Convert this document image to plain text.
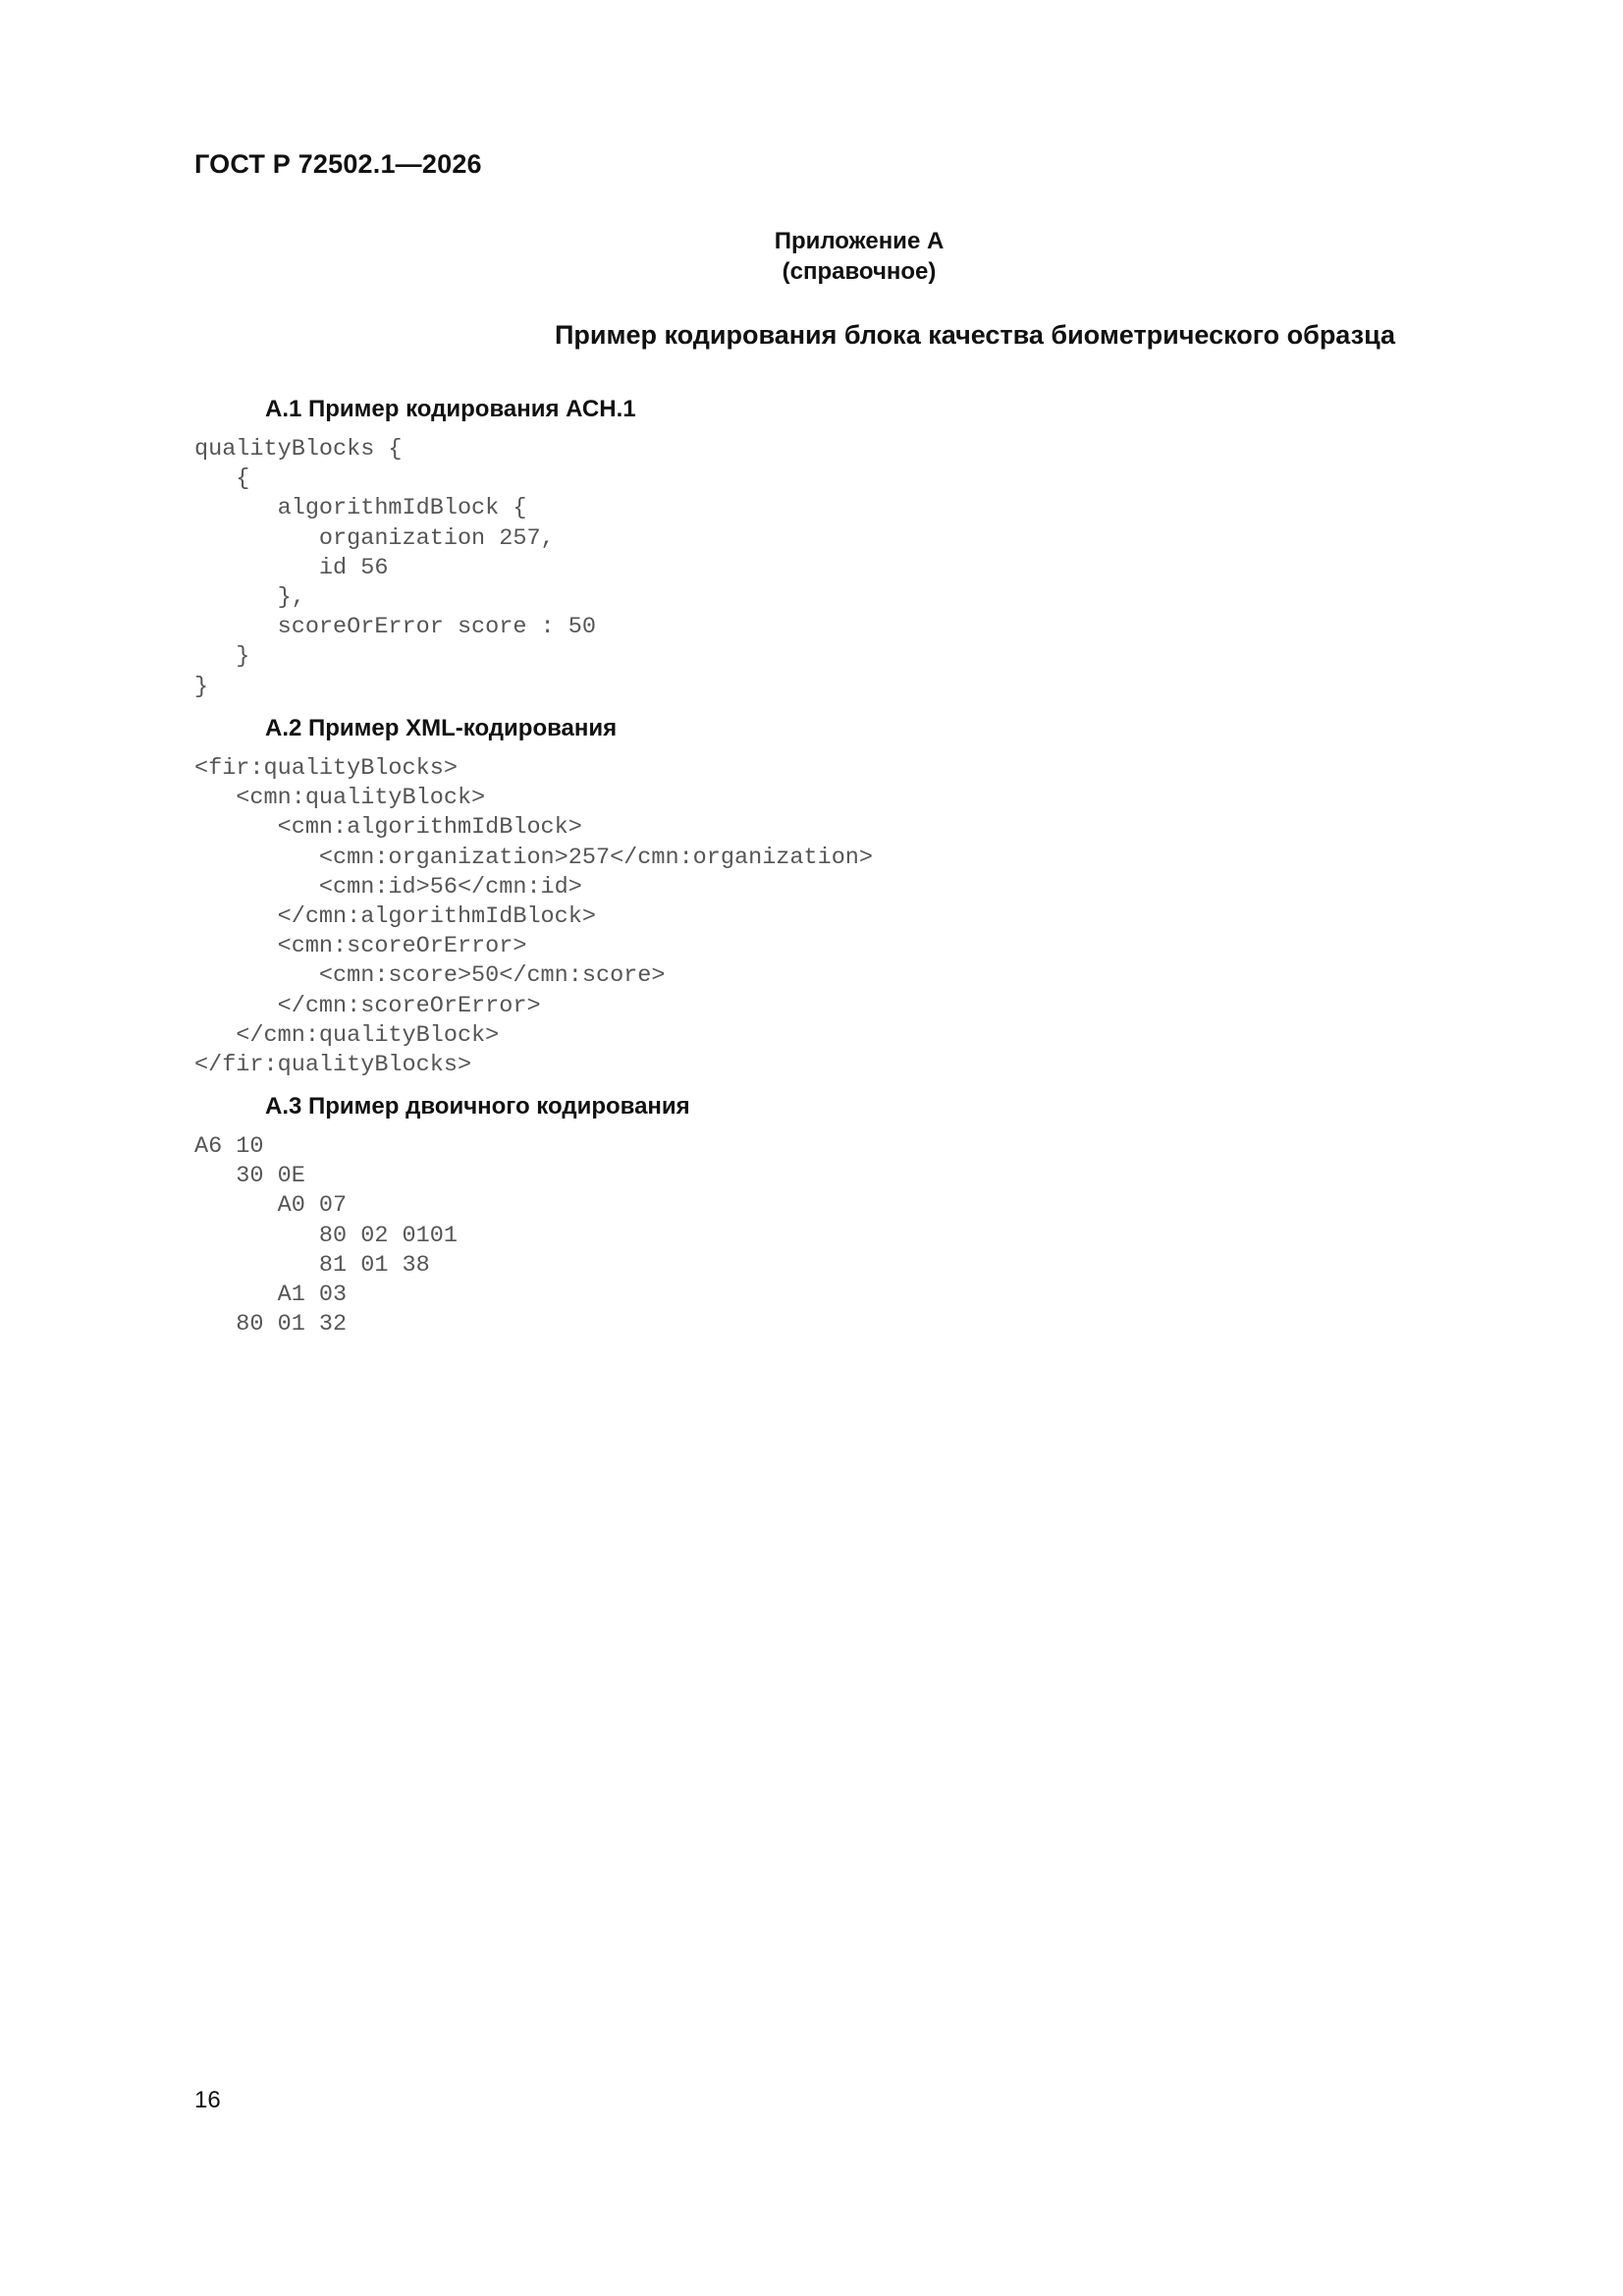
ГОСТ Р 72502.1—2026
Приложение А
(справочное)
Пример кодирования блока качества биометрического образца
А.1 Пример кодирования АСН.1
qualityBlocks {
{
algorithmIdBlock {
organization 257,
id 56
},
scoreOrError score : 50
}
}
А.2 Пример XML-кодирования
<fir:qualityBlocks>
<cmn:qualityBlock>
<cmn:algorithmIdBlock>
<cmn:organization>257</cmn:organization>
<cmn:id>56</cmn:id>
</cmn:algorithmIdBlock>
<cmn:scoreOrError>
<cmn:score>50</cmn:score>
</cmn:scoreOrError>
</cmn:qualityBlock>
</fir:qualityBlocks>
А.3 Пример двоичного кодирования
A6 10
30 0E
A0 07
80 02 0101
81 01 38
A1 03
80 01 32
16
